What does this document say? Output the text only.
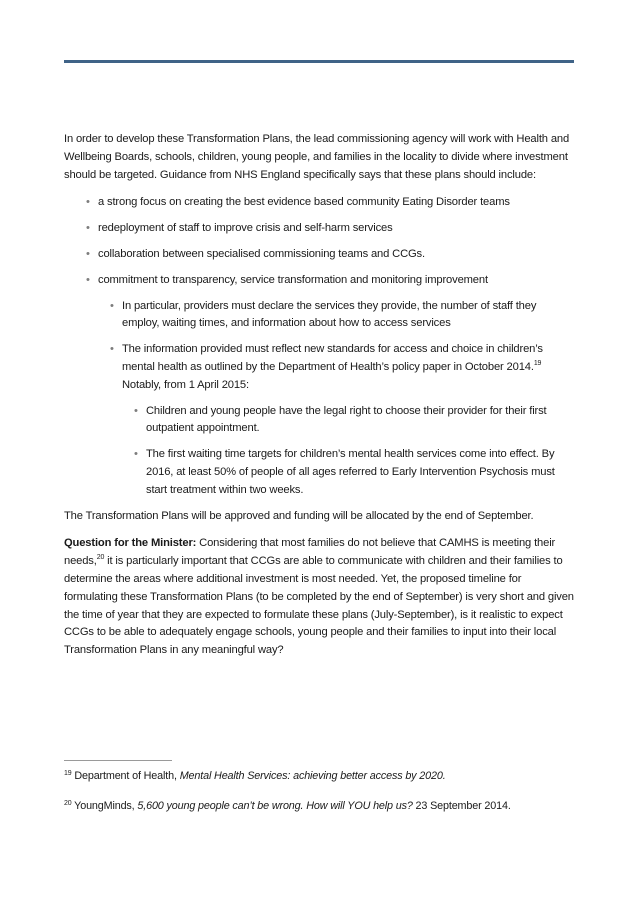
In order to develop these Transformation Plans, the lead commissioning agency will work with Health and Wellbeing Boards, schools, children, young people, and families in the locality to divide where investment should be targeted. Guidance from NHS England specifically says that these plans should include:

• a strong focus on creating the best evidence based community Eating Disorder teams
• redeployment of staff to improve crisis and self-harm services
• collaboration between specialised commissioning teams and CCGs.
• commitment to transparency, service transformation and monitoring improvement
• In particular, providers must declare the services they provide, the number of staff they employ, waiting times, and information about how to access services
• The information provided must reflect new standards for access and choice in children’s mental health as outlined by the Department of Health’s policy paper in October 2014.19
Notably, from 1 April 2015:
• Children and young people have the legal right to choose their provider for their first outpatient appointment.
• The first waiting time targets for children’s mental health services come into effect. By 2016, at least 50% of people of all ages referred to Early Intervention Psychosis must start treatment within two weeks.

The Transformation Plans will be approved and funding will be allocated by the end of September.

Question for the Minister: Considering that most families do not believe that CAMHS is meeting their needs,$^{20}$ it is particularly important that CCGs are able to communicate with children and their families to determine the areas where additional investment is most needed. Yet, the proposed timeline for formulating these Transformation Plans (to be completed by the end of September) is very short and given the time of year that they are expected to formulate these plans (July-September), is it realistic to expect CCGs to be able to adequately engage schools, young people and their families to input into their local Transformation Plans in any meaningful way?

$^{19}$ Department of Health, Mental Health Services: achieving better access by 2020.

$^{20}$ YoungMinds, 5,600 young people can’t be wrong. How will YOU help us? 23 September 2014.
